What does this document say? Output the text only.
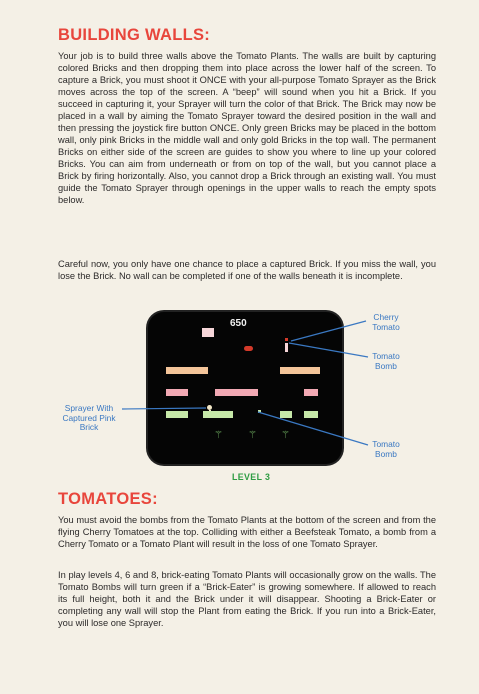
BUILDING WALLS:

Your job is to build three walls above the Tomato Plants. The walls are built by capturing colored Bricks and then dropping them into place across the lower half of the screen. To capture a Brick, you must shoot it ONCE with your all-purpose Tomato Sprayer as the Brick moves across the top of the screen. A “beep” will sound when you hit a Brick. If you succeed in capturing it, your Sprayer will turn the color of that Brick. The Brick may now be placed in a wall by aiming the Tomato Sprayer toward the desired position in the wall and then pressing the joystick fire button ONCE. Only green Bricks may be placed in the bottom wall, only pink Bricks in the middle wall and only gold Bricks in the top wall. The permanent Bricks on either side of the screen are guides to show you where to line up your colored Bricks. You can aim from underneath or from on top of the wall, but you cannot place a Brick by firing horizontally. Also, you cannot drop a Brick through an existing wall. You must guide the Tomato Sprayer through openings in the upper walls to reach the empty spots below.

Careful now, you only have one chance to place a captured Brick. If you miss the wall, you lose the Brick. No wall can be completed if one of the walls beneath it is incomplete.

650
⚚	⚚ ⚚
Cherry Tomato
Tomato Bomb
Sprayer With Captured Pink Brick
Tomato Bomb
LEVEL 3
TOMATOES:

You must avoid the bombs from the Tomato Plants at the bottom of the screen and from the flying Cherry Tomatoes at the top. Colliding with either a Beefsteak Tomato, a bomb from a Cherry Tomato or a Tomato Plant will result in the loss of one Tomato Sprayer.

In play levels 4, 6 and 8, brick-eating Tomato Plants will occasionally grow on the walls. The Tomato Bombs will turn green if a “Brick-Eater” is growing somewhere. If allowed to reach its full height, both it and the Brick under it will disappear. Shooting a Brick-Eater or completing any wall will stop the Plant from eating the Brick. If you run into a Brick-Eater, you will lose one Sprayer.
